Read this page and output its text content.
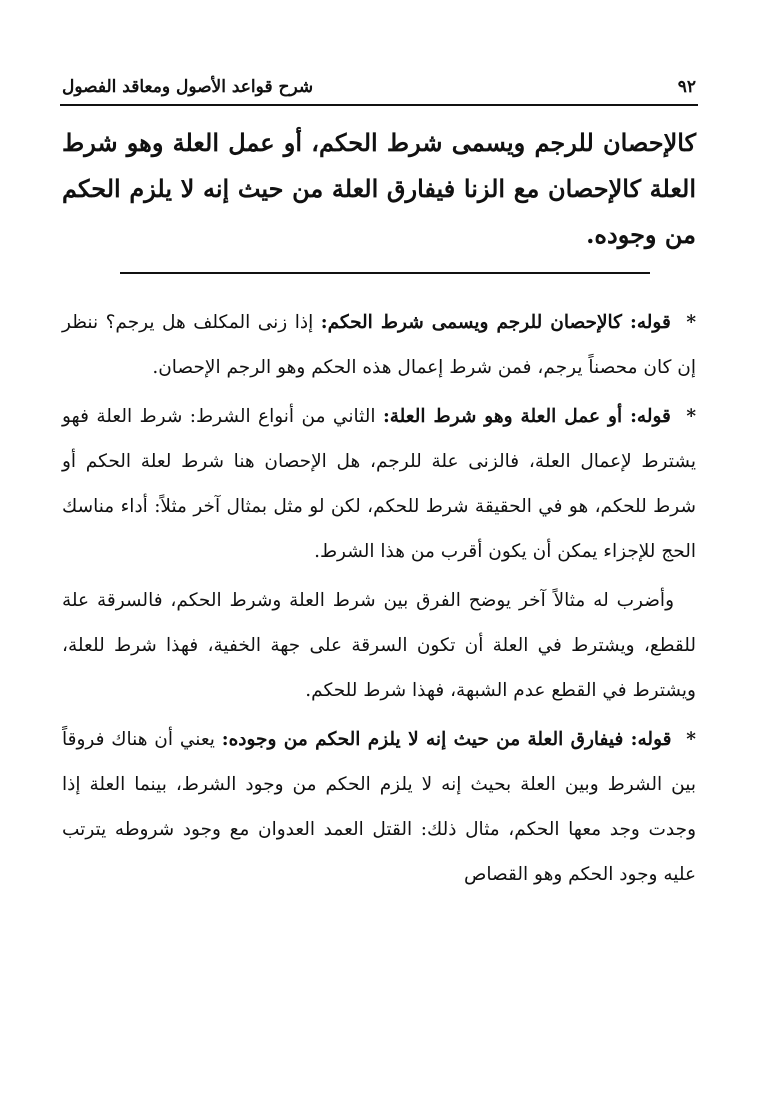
٩٢
شرح قواعد الأصول ومعاقد الفصول

كالإحصان للرجم ويسمى شرط الحكم، أو عمل العلة وهو شرط العلة كالإحصان مع الزنا فيفارق العلة من حيث إنه لا يلزم الحكم من وجوده.

* قوله: كالإحصان للرجم ويسمى شرط الحكم: إذا زنى المكلف هل يرجم؟ ننظر إن كان محصناً يرجم، فمن شرط إعمال هذه الحكم وهو الرجم الإحصان.

* قوله: أو عمل العلة وهو شرط العلة: الثاني من أنواع الشرط: شرط العلة فهو يشترط لإعمال العلة، فالزنى علة للرجم، هل الإحصان هنا شرط لعلة الحكم أو شرط للحكم، هو في الحقيقة شرط للحكم، لكن لو مثل بمثال آخر مثلاً: أداء مناسك الحج للإجزاء يمكن أن يكون أقرب من هذا الشرط.

وأضرب له مثالاً آخر يوضح الفرق بين شرط العلة وشرط الحكم، فالسرقة علة للقطع، ويشترط في العلة أن تكون السرقة على جهة الخفية، فهذا شرط للعلة، ويشترط في القطع عدم الشبهة، فهذا شرط للحكم.

* قوله: فيفارق العلة من حيث إنه لا يلزم الحكم من وجوده: يعني أن هناك فروقاً بين الشرط وبين العلة بحيث إنه لا يلزم الحكم من وجود الشرط، بينما العلة إذا وجدت وجد معها الحكم، مثال ذلك: القتل العمد العدوان مع وجود شروطه يترتب عليه وجود الحكم وهو القصاص
